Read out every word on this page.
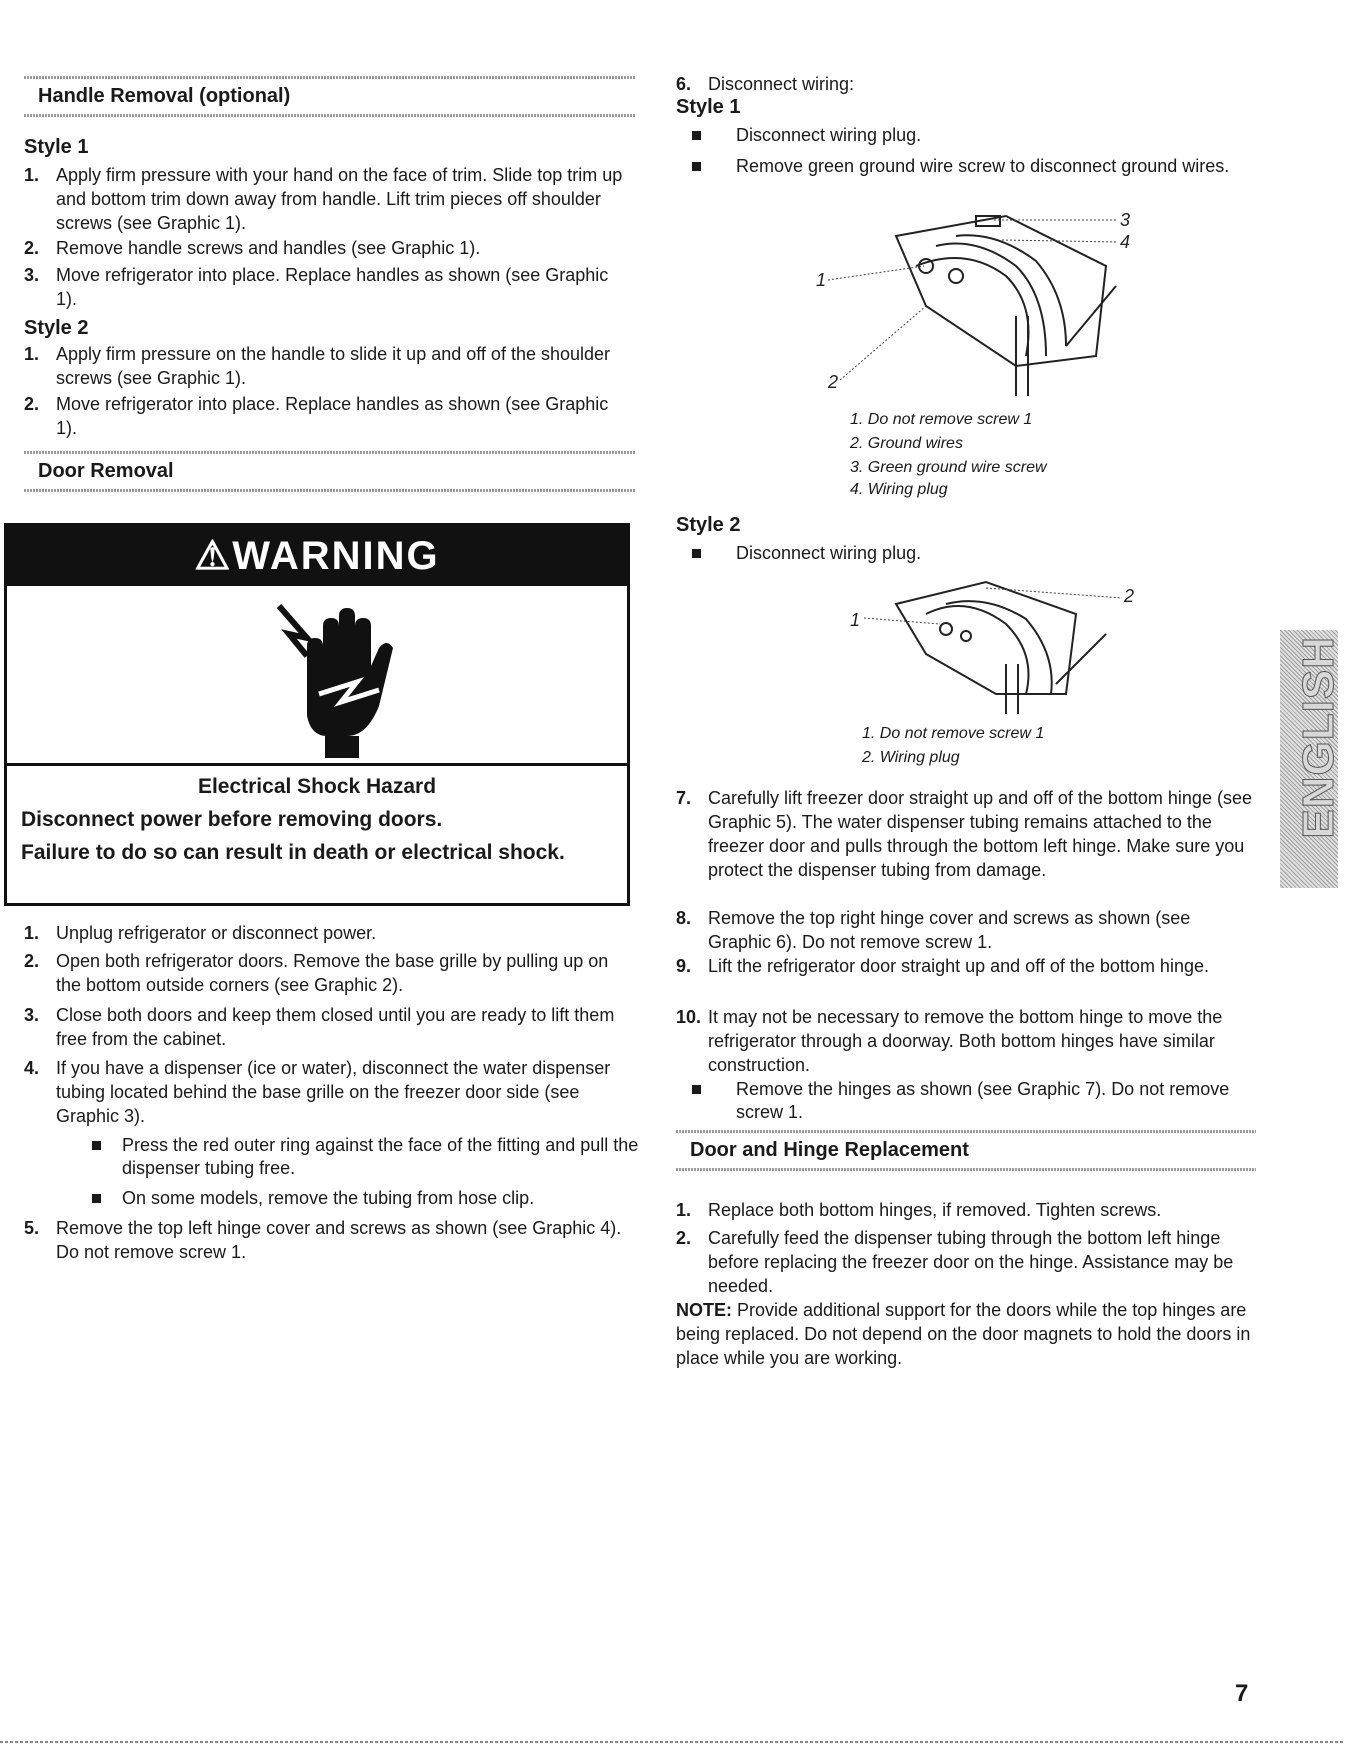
Handle Removal (optional)
Style 1
1. Apply firm pressure with your hand on the face of trim. Slide top trim up and bottom trim down away from handle. Lift trim pieces off shoulder screws (see Graphic 1).
2. Remove handle screws and handles (see Graphic 1).
3. Move refrigerator into place. Replace handles as shown (see Graphic 1).
Style 2
1. Apply firm pressure on the handle to slide it up and off of the shoulder screws (see Graphic 1).
2. Move refrigerator into place. Replace handles as shown (see Graphic 1).
Door Removal
⚠WARNING
Electrical Shock Hazard
Disconnect power before removing doors.
Failure to do so can result in death or electrical shock.
1. Unplug refrigerator or disconnect power.
2. Open both refrigerator doors. Remove the base grille by pulling up on the bottom outside corners (see Graphic 2).
3. Close both doors and keep them closed until you are ready to lift them free from the cabinet.
4. If you have a dispenser (ice or water), disconnect the water dispenser tubing located behind the base grille on the freezer door side (see Graphic 3).
Press the red outer ring against the face of the fitting and pull the dispenser tubing free.
On some models, remove the tubing from hose clip.
5. Remove the top left hinge cover and screws as shown (see Graphic 4). Do not remove screw 1.
6. Disconnect wiring:
Style 1
Disconnect wiring plug.
Remove green ground wire screw to disconnect ground wires.
1
2
3
4
1. Do not remove screw 1
2. Ground wires
3. Green ground wire screw
4. Wiring plug
Style 2
Disconnect wiring plug.
1
2
1. Do not remove screw 1
2. Wiring plug
7. Carefully lift freezer door straight up and off of the bottom hinge (see Graphic 5). The water dispenser tubing remains attached to the freezer door and pulls through the bottom left hinge. Make sure you protect the dispenser tubing from damage.
8. Remove the top right hinge cover and screws as shown (see Graphic 6). Do not remove screw 1.
9. Lift the refrigerator door straight up and off of the bottom hinge.
10. It may not be necessary to remove the bottom hinge to move the refrigerator through a doorway. Both bottom hinges have similar construction.
Remove the hinges as shown (see Graphic 7). Do not remove screw 1.
Door and Hinge Replacement
1. Replace both bottom hinges, if removed. Tighten screws.
2. Carefully feed the dispenser tubing through the bottom left hinge before replacing the freezer door on the hinge. Assistance may be needed.
NOTE: Provide additional support for the doors while the top hinges are being replaced. Do not depend on the door magnets to hold the doors in place while you are working.
ENGLISH
7
